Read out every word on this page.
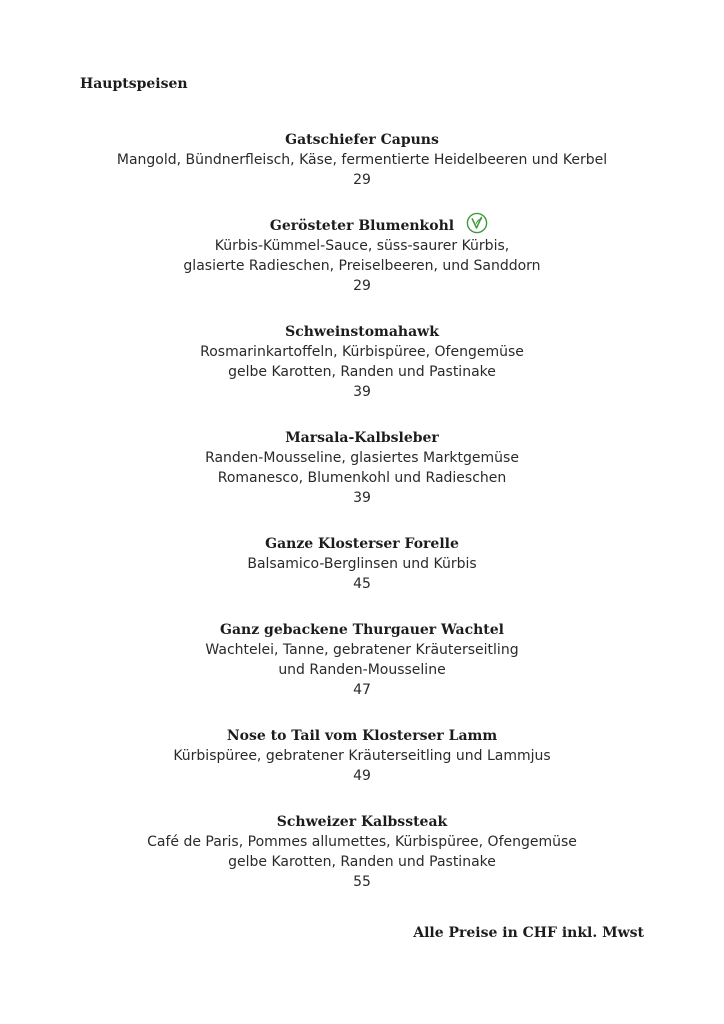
Hauptspeisen
Gatschiefer Capuns
Mangold, Bündnerfleisch, Käse, fermentierte Heidelbeeren und Kerbel
29
Gerösteter Blumenkohl
Kürbis-Kümmel-Sauce, süss-saurer Kürbis,
glasierte Radieschen, Preiselbeeren, und Sanddorn
29
Schweinstomahawk
Rosmarinkartoffeln, Kürbispüree, Ofengemüse
gelbe Karotten, Randen und Pastinake
39
Marsala-Kalbsleber
Randen-Mousseline, glasiertes Marktgemüse
Romanesco, Blumenkohl und Radieschen
39
Ganze Klosterser Forelle
Balsamico-Berglinsen und Kürbis
45
Ganz gebackene Thurgauer Wachtel
Wachtelei, Tanne, gebratener Kräuterseitling
und Randen-Mousseline
47
Nose to Tail vom Klosterser Lamm
Kürbispüree, gebratener Kräuterseitling und Lammjus
49
Schweizer Kalbssteak
Café de Paris, Pommes allumettes, Kürbispüree, Ofengemüse
gelbe Karotten, Randen und Pastinake
55

Alle Preise in CHF inkl. Mwst
